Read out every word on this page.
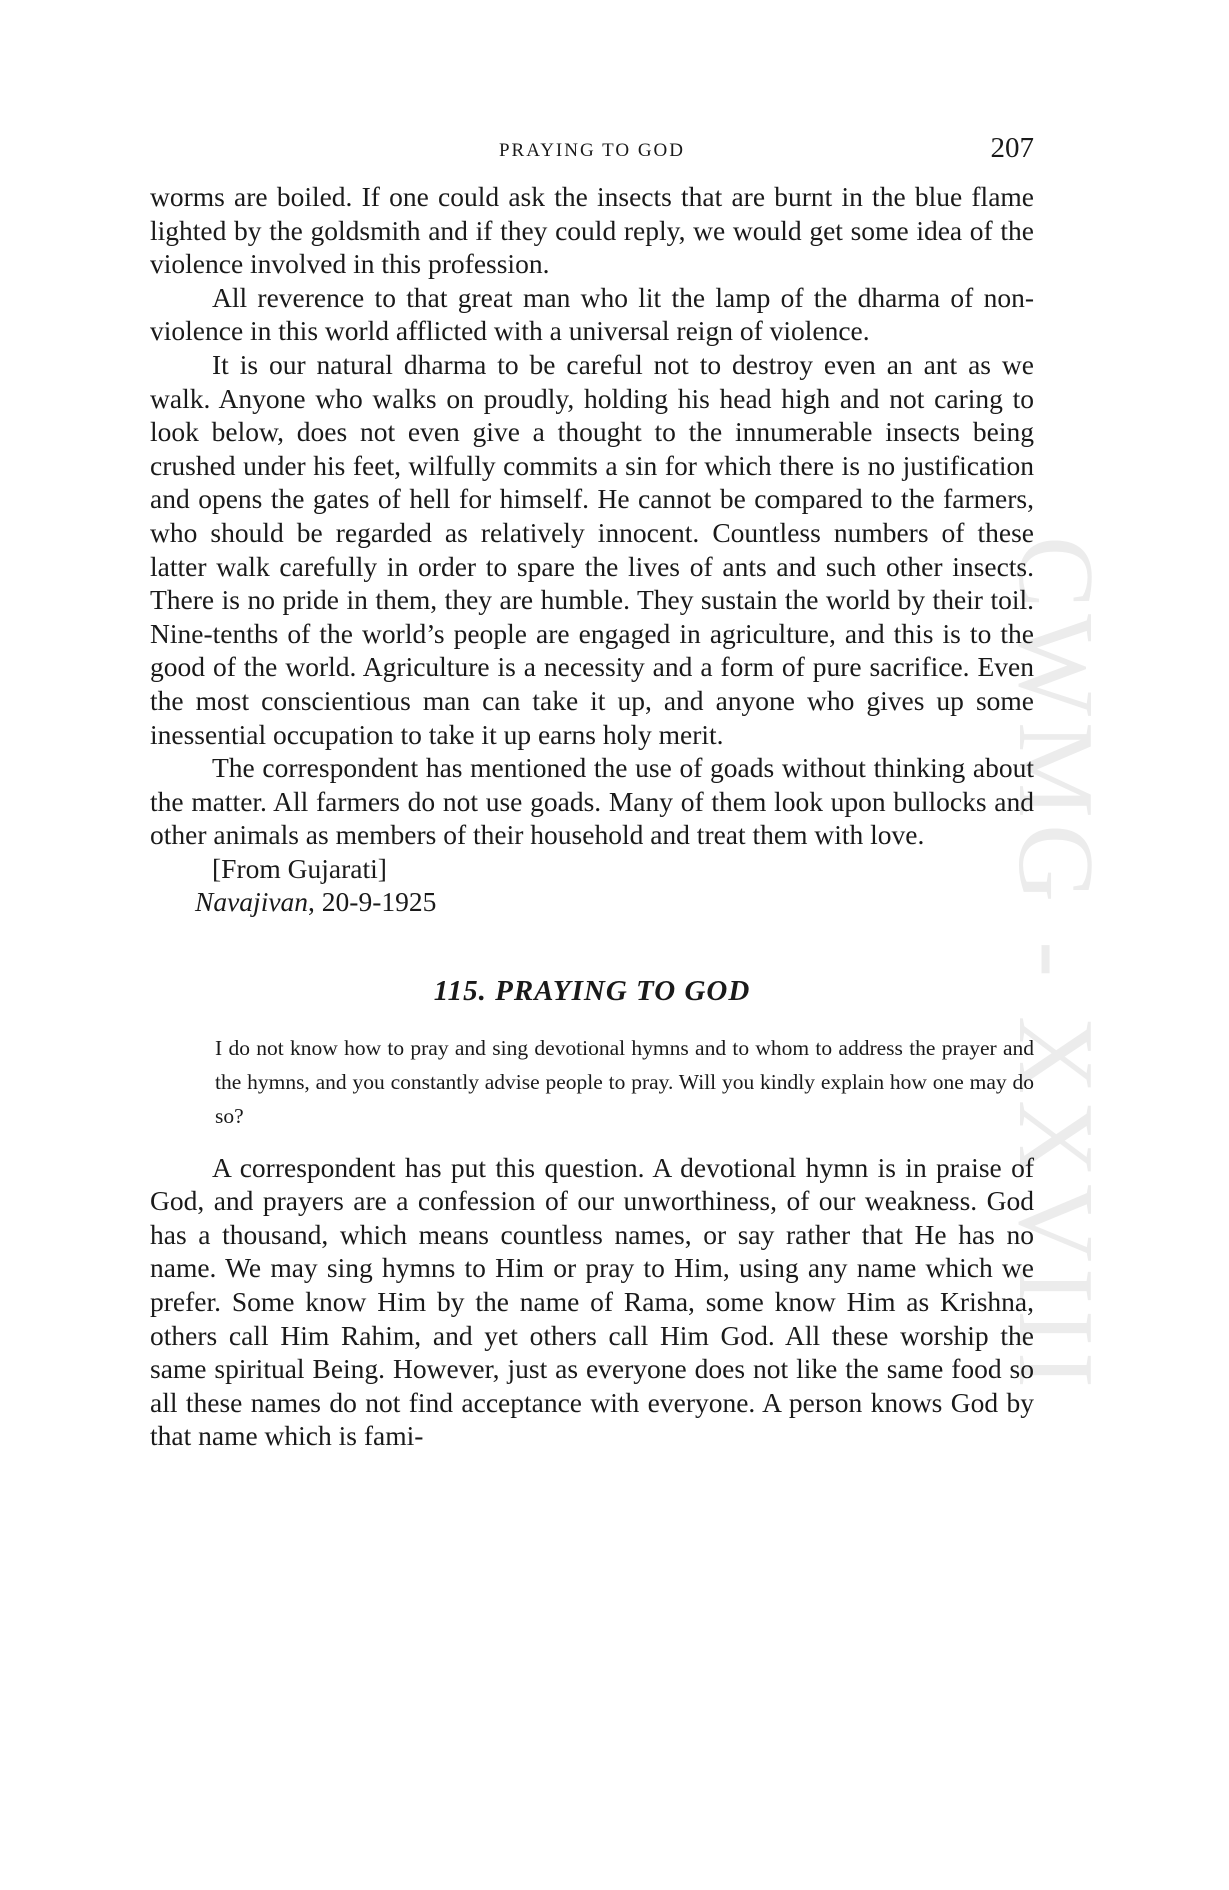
CWMG - XXVIII
PRAYING TO GOD	207

worms are boiled. If one could ask the insects that are burnt in the blue flame lighted by the goldsmith and if they could reply, we would get some idea of the violence involved in this profession.

All reverence to that great man who lit the lamp of the dharma of non-violence in this world afflicted with a universal reign of violence.

It is our natural dharma to be careful not to destroy even an ant as we walk. Anyone who walks on proudly, holding his head high and not caring to look below, does not even give a thought to the innumerable insects being crushed under his feet, wilfully commits a sin for which there is no justification and opens the gates of hell for himself. He cannot be compared to the farmers, who should be regarded as relatively innocent. Countless numbers of these latter walk carefully in order to spare the lives of ants and such other insects. There is no pride in them, they are humble. They sustain the world by their toil. Nine-tenths of the world’s people are engaged in agriculture, and this is to the good of the world. Agriculture is a necessity and a form of pure sacrifice. Even the most conscientious man can take it up, and anyone who gives up some inessential occupation to take it up earns holy merit.

The correspondent has mentioned the use of goads without thinking about the matter. All farmers do not use goads. Many of them look upon bullocks and other animals as members of their household and treat them with love.

[From Gujarati]

Navajivan, 20-9-1925

115. PRAYING TO GOD

I do not know how to pray and sing devotional hymns and to whom to address the prayer and the hymns, and you constantly advise people to pray. Will you kindly explain how one may do so?

A correspondent has put this question. A devotional hymn is in praise of God, and prayers are a confession of our unworthiness, of our weakness. God has a thousand, which means countless names, or say rather that He has no name. We may sing hymns to Him or pray to Him, using any name which we prefer. Some know Him by the name of Rama, some know Him as Krishna, others call Him Rahim, and yet others call Him God. All these worship the same spiritual Being. However, just as everyone does not like the same food so all these names do not find acceptance with everyone. A person knows God by that name which is fami-
